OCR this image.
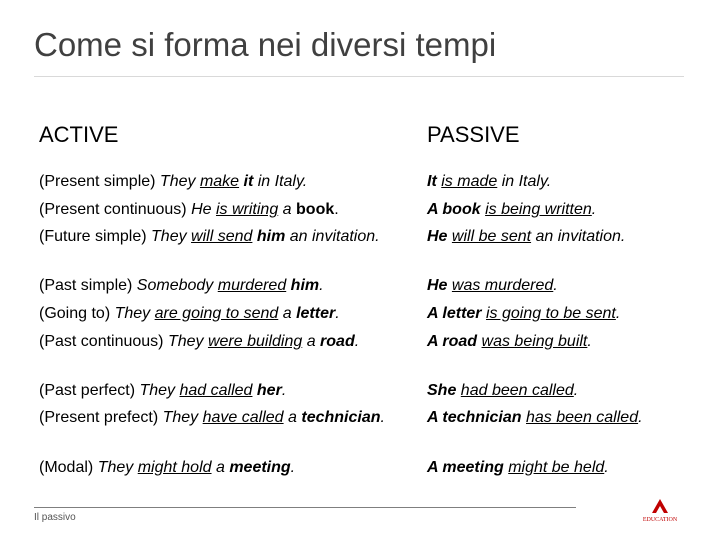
Come si forma nei diversi tempi
ACTIVE	PASSIVE
(Present simple) They make it in Italy.	It is made in Italy.
(Present continuous) He is writing a book.	A book is being written.
(Future simple) They will send him an invitation.	He will be sent an invitation.
(Past simple) Somebody murdered him.	He was murdered.
(Going to) They are going to send a letter.	A letter is going to be sent.
(Past continuous) They were building a road.	A road was being built.
(Past perfect) They had called her.	She had been called.
(Present prefect) They have called a technician.	A technician has been called.
(Modal) They might hold a meeting.	A meeting might be held.
Il passivo	EDUCATION
